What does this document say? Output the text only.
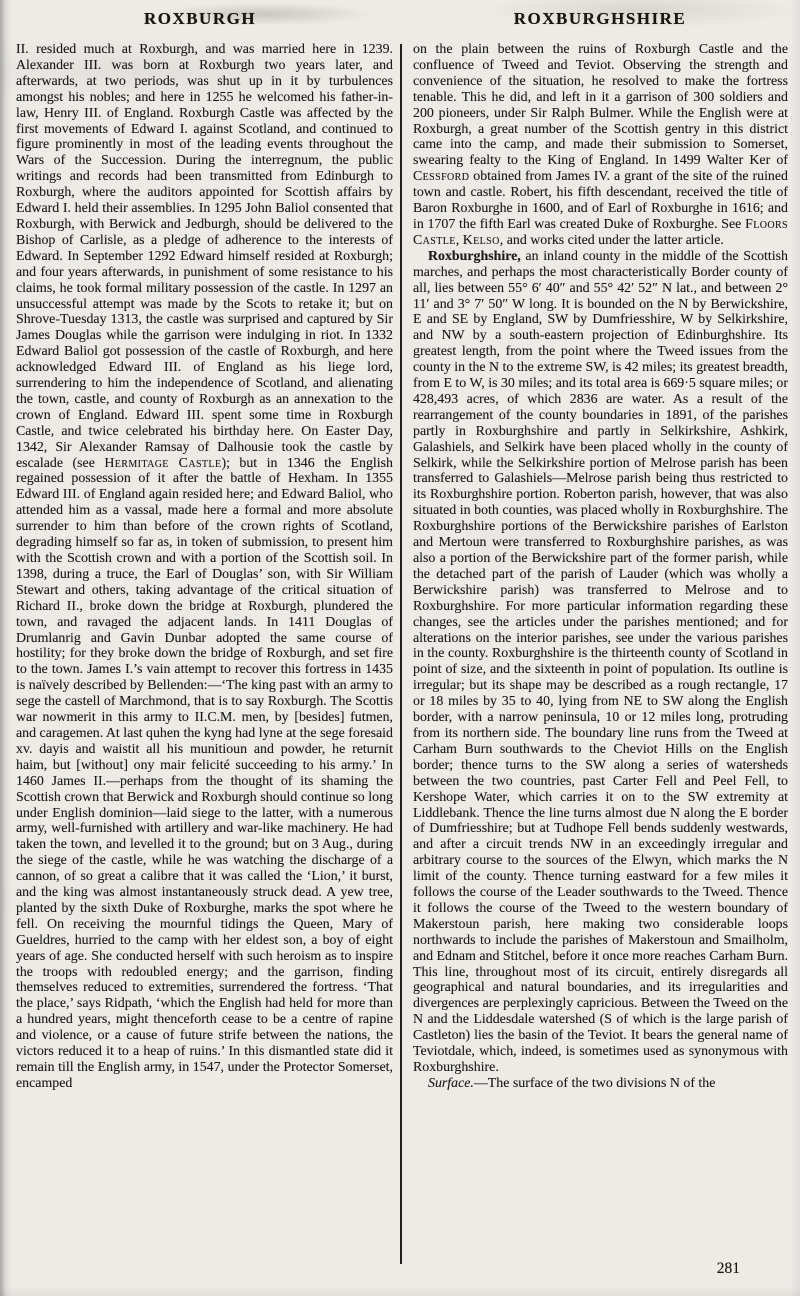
ROXBURGH	ROXBURGHSHIRE

II. resided much at Roxburgh, and was married here in 1239. Alexander III. was born at Roxburgh two years later, and afterwards, at two periods, was shut up in it by turbulences amongst his nobles; and here in 1255 he welcomed his father-in-law, Henry III. of England. Roxburgh Castle was affected by the first movements of Edward I. against Scotland, and continued to figure prominently in most of the leading events throughout the Wars of the Succession. During the interregnum, the public writings and records had been transmitted from Edinburgh to Roxburgh, where the auditors appointed for Scottish affairs by Edward I. held their assemblies. In 1295 John Baliol consented that Roxburgh, with Berwick and Jedburgh, should be delivered to the Bishop of Carlisle, as a pledge of adherence to the interests of Edward. In September 1292 Edward himself resided at Roxburgh; and four years afterwards, in punishment of some resistance to his claims, he took formal military possession of the castle. In 1297 an unsuccessful attempt was made by the Scots to retake it; but on Shrove-Tuesday 1313, the castle was surprised and captured by Sir James Douglas while the garrison were indulging in riot. In 1332 Edward Baliol got possession of the castle of Roxburgh, and here acknowledged Edward III. of England as his liege lord, surrendering to him the independence of Scotland, and alienating the town, castle, and county of Roxburgh as an annexation to the crown of England. Edward III. spent some time in Roxburgh Castle, and twice celebrated his birthday here. On Easter Day, 1342, Sir Alexander Ramsay of Dalhousie took the castle by escalade (see Hermitage Castle); but in 1346 the English regained possession of it after the battle of Hexham. In 1355 Edward III. of England again resided here; and Edward Baliol, who attended him as a vassal, made here a formal and more absolute surrender to him than before of the crown rights of Scotland, degrading himself so far as, in token of submission, to present him with the Scottish crown and with a portion of the Scottish soil. In 1398, during a truce, the Earl of Douglas’ son, with Sir William Stewart and others, taking advantage of the critical situation of Richard II., broke down the bridge at Roxburgh, plundered the town, and ravaged the adjacent lands. In 1411 Douglas of Drumlanrig and Gavin Dunbar adopted the same course of hostility; for they broke down the bridge of Roxburgh, and set fire to the town. James I.’s vain attempt to recover this fortress in 1435 is naïvely described by Bellenden:—‘The king past with an army to sege the castell of Marchmond, that is to say Roxburgh. The Scottis war nowmerit in this army to II.C.M. men, by [besides] futmen, and caragemen. At last quhen the kyng had lyne at the sege foresaid xv. dayis and waistit all his munitioun and powder, he returnit haim, but [without] ony mair felicité succeeding to his army.’ In 1460 James II.—perhaps from the thought of its shaming the Scottish crown that Berwick and Roxburgh should continue so long under English dominion—laid siege to the latter, with a numerous army, well-furnished with artillery and war-like machinery. He had taken the town, and levelled it to the ground; but on 3 Aug., during the siege of the castle, while he was watching the discharge of a cannon, of so great a calibre that it was called the ‘Lion,’ it burst, and the king was almost instantaneously struck dead. A yew tree, planted by the sixth Duke of Roxburghe, marks the spot where he fell. On receiving the mournful tidings the Queen, Mary of Gueldres, hurried to the camp with her eldest son, a boy of eight years of age. She conducted herself with such heroism as to inspire the troops with redoubled energy; and the garrison, finding themselves reduced to extremities, surrendered the fortress. ‘That the place,’ says Ridpath, ‘which the English had held for more than a hundred years, might thenceforth cease to be a centre of rapine and violence, or a cause of future strife between the nations, the victors reduced it to a heap of ruins.’ In this dismantled state did it remain till the English army, in 1547, under the Protector Somerset, encamped

on the plain between the ruins of Roxburgh Castle and the confluence of Tweed and Teviot. Observing the strength and convenience of the situation, he resolved to make the fortress tenable. This he did, and left in it a garrison of 300 soldiers and 200 pioneers, under Sir Ralph Bulmer. While the English were at Roxburgh, a great number of the Scottish gentry in this district came into the camp, and made their submission to Somerset, swearing fealty to the King of England. In 1499 Walter Ker of Cessford obtained from James IV. a grant of the site of the ruined town and castle. Robert, his fifth descendant, received the title of Baron Roxburghe in 1600, and of Earl of Roxburghe in 1616; and in 1707 the fifth Earl was created Duke of Roxburghe. See Floors Castle, Kelso, and works cited under the latter article.

Roxburghshire, an inland county in the middle of the Scottish marches, and perhaps the most characteristically Border county of all, lies between 55° 6′ 40″ and 55° 42′ 52″ N lat., and between 2° 11′ and 3° 7′ 50″ W long. It is bounded on the N by Berwickshire, E and SE by England, SW by Dumfriesshire, W by Selkirkshire, and NW by a south-eastern projection of Edinburghshire. Its greatest length, from the point where the Tweed issues from the county in the N to the extreme SW, is 42 miles; its greatest breadth, from E to W, is 30 miles; and its total area is 669·5 square miles; or 428,493 acres, of which 2836 are water. As a result of the rearrangement of the county boundaries in 1891, of the parishes partly in Roxburghshire and partly in Selkirkshire, Ashkirk, Galashiels, and Selkirk have been placed wholly in the county of Selkirk, while the Selkirkshire portion of Melrose parish has been transferred to Galashiels—Melrose parish being thus restricted to its Roxburghshire portion. Roberton parish, however, that was also situated in both counties, was placed wholly in Roxburghshire. The Roxburghshire portions of the Berwickshire parishes of Earlston and Mertoun were transferred to Roxburghshire parishes, as was also a portion of the Berwickshire part of the former parish, while the detached part of the parish of Lauder (which was wholly a Berwickshire parish) was transferred to Melrose and to Roxburghshire. For more particular information regarding these changes, see the articles under the parishes mentioned; and for alterations on the interior parishes, see under the various parishes in the county. Roxburghshire is the thirteenth county of Scotland in point of size, and the sixteenth in point of population. Its outline is irregular; but its shape may be described as a rough rectangle, 17 or 18 miles by 35 to 40, lying from NE to SW along the English border, with a narrow peninsula, 10 or 12 miles long, protruding from its northern side. The boundary line runs from the Tweed at Carham Burn southwards to the Cheviot Hills on the English border; thence turns to the SW along a series of watersheds between the two countries, past Carter Fell and Peel Fell, to Kershope Water, which carries it on to the SW extremity at Liddlebank. Thence the line turns almost due N along the E border of Dumfriesshire; but at Tudhope Fell bends suddenly westwards, and after a circuit trends NW in an exceedingly irregular and arbitrary course to the sources of the Elwyn, which marks the N limit of the county. Thence turning eastward for a few miles it follows the course of the Leader southwards to the Tweed. Thence it follows the course of the Tweed to the western boundary of Makerstoun parish, here making two considerable loops northwards to include the parishes of Makerstoun and Smailholm, and Ednam and Stitchel, before it once more reaches Carham Burn. This line, throughout most of its circuit, entirely disregards all geographical and natural boundaries, and its irregularities and divergences are perplexingly capricious. Between the Tweed on the N and the Liddesdale watershed (S of which is the large parish of Castleton) lies the basin of the Teviot. It bears the general name of Teviotdale, which, indeed, is sometimes used as synonymous with Roxburghshire.

Surface.—The surface of the two divisions N of the

281
